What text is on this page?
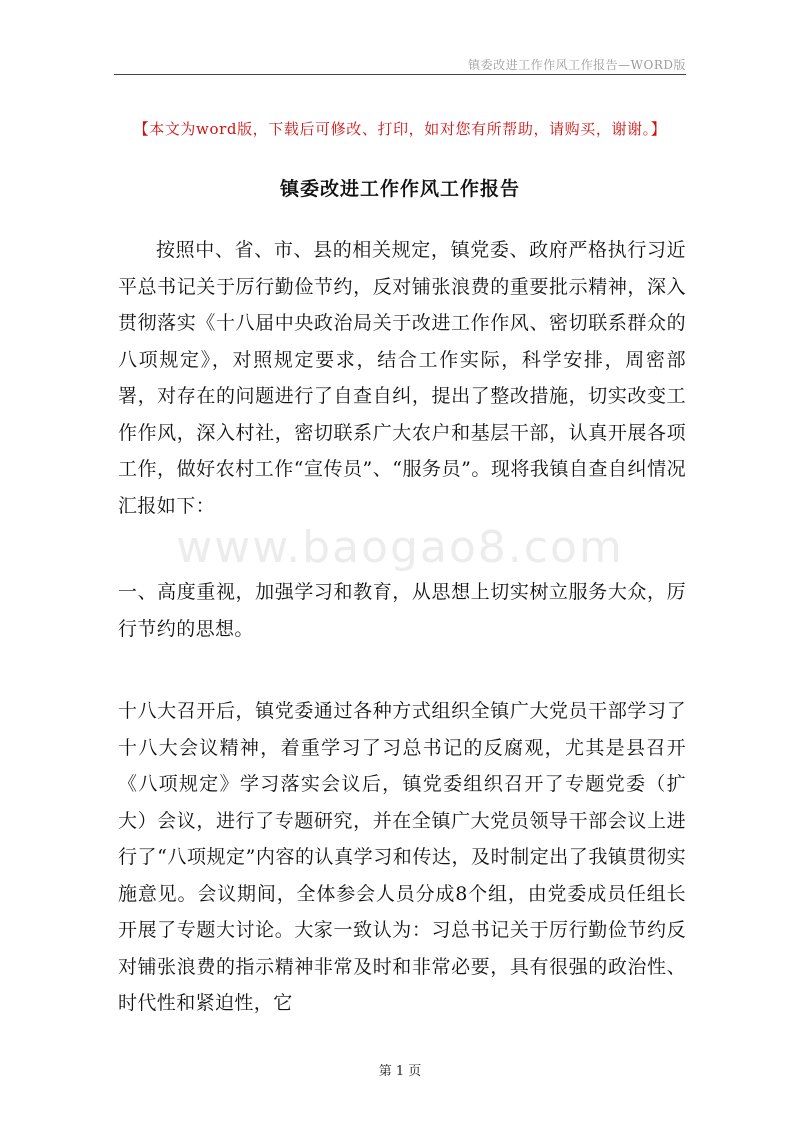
镇委改进工作作风工作报告—WORD版
【本文为word版，下载后可修改、打印，如对您有所帮助，请购买，谢谢。】
镇委改进工作作风工作报告
www.baogao8.com

按照中、省、市、县的相关规定，镇党委、政府严格执行习近平总书记关于厉行勤俭节约，反对铺张浪费的重要批示精神，深入贯彻落实《十八届中央政治局关于改进工作作风、密切联系群众的八项规定》，对照规定要求，结合工作实际，科学安排，周密部署，对存在的问题进行了自查自纠，提出了整改措施，切实改变工作作风，深入村社，密切联系广大农户和基层干部，认真开展各项工作，做好农村工作“宣传员”、“服务员”。现将我镇自查自纠情况汇报如下：

一、高度重视，加强学习和教育，从思想上切实树立服务大众，厉行节约的思想。

十八大召开后，镇党委通过各种方式组织全镇广大党员干部学习了十八大会议精神，着重学习了习总书记的反腐观，尤其是县召开《八项规定》学习落实会议后，镇党委组织召开了专题党委（扩大）会议，进行了专题研究，并在全镇广大党员领导干部会议上进行了“八项规定”内容的认真学习和传达，及时制定出了我镇贯彻实施意见。会议期间，全体参会人员分成8个组，由党委成员任组长开展了专题大讨论。大家一致认为：习总书记关于厉行勤俭节约反对铺张浪费的指示精神非常及时和非常必要，具有很强的政治性、时代性和紧迫性，它

第 1 页
